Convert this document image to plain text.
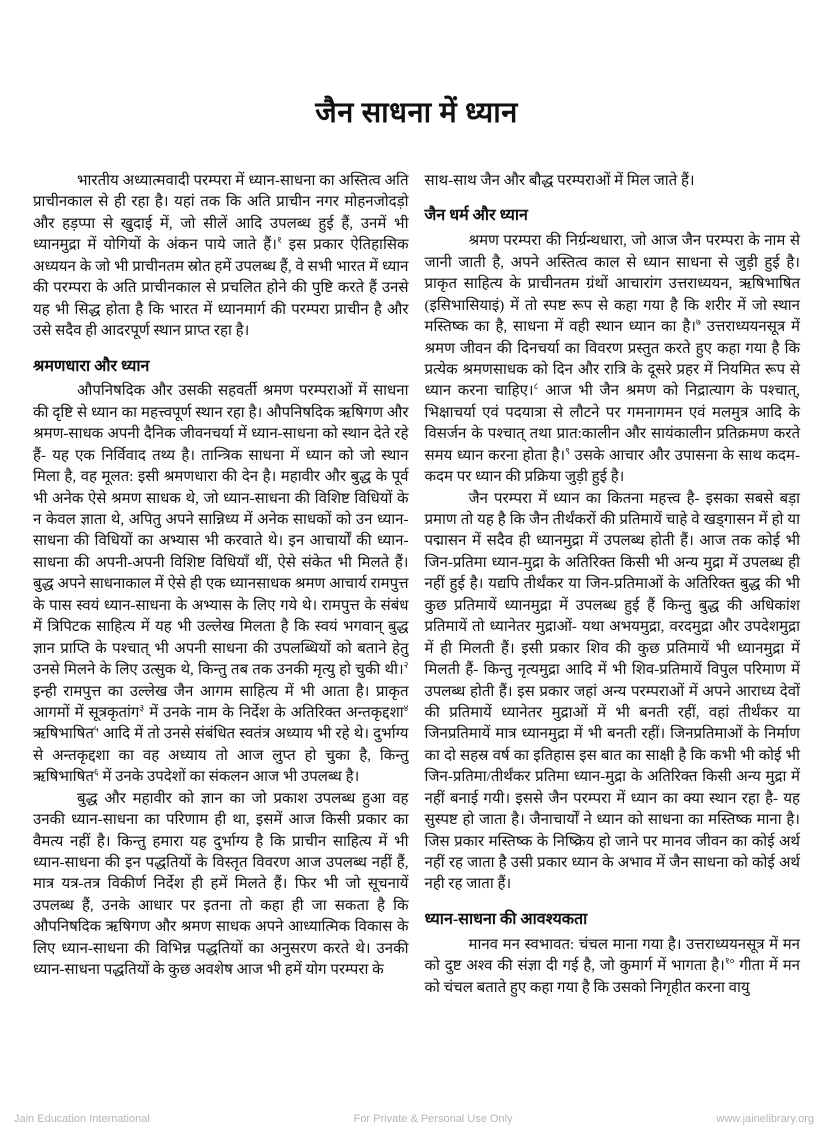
जैन साधना में ध्यान

भारतीय अध्यात्मवादी परम्परा में ध्यान-साधना का अस्तित्व अति प्राचीनकाल से ही रहा है। यहां तक कि अति प्राचीन नगर मोहनजोदड़ो और हड़प्पा से खुदाई में, जो सीलें आदि उपलब्ध हुई हैं, उनमें भी ध्यानमुद्रा में योगियों के अंकन पाये जाते हैं।$^१$ इस प्रकार ऐतिहासिक अध्ययन के जो भी प्राचीनतम स्रोत हमें उपलब्ध हैं, वे सभी भारत में ध्यान की परम्परा के अति प्राचीनकाल से प्रचलित होने की पुष्टि करते हैं उनसे यह भी सिद्ध होता है कि भारत में ध्यानमार्ग की परम्परा प्राचीन है और उसे सदैव ही आदरपूर्ण स्थान प्राप्त रहा है।

श्रमणधारा और ध्यान

औपनिषदिक और उसकी सहवर्ती श्रमण परम्पराओं में साधना की दृष्टि से ध्यान का महत्त्वपूर्ण स्थान रहा है। औपनिषदिक ऋषिगण और श्रमण-साधक अपनी दैनिक जीवनचर्या में ध्यान-साधना को स्थान देते रहे हैं- यह एक निर्विवाद तथ्य है। तान्त्रिक साधना में ध्यान को जो स्थान मिला है, वह मूलत: इसी श्रमणधारा की देन है। महावीर और बुद्ध के पूर्व भी अनेक ऐसे श्रमण साधक थे, जो ध्यान-साधना की विशिष्ट विधियों के न केवल ज्ञाता थे, अपितु अपने सान्निध्य में अनेक साधकों को उन ध्यान-साधना की विधियों का अभ्यास भी करवाते थे। इन आचार्यों की ध्यान-साधना की अपनी-अपनी विशिष्ट विधियाँ थीं, ऐसे संकेत भी मिलते हैं। बुद्ध अपने साधनाकाल में ऐसे ही एक ध्यानसाधक श्रमण आचार्य रामपुत्त के पास स्वयं ध्यान-साधना के अभ्यास के लिए गये थे। रामपुत्त के संबंध में त्रिपिटक साहित्य में यह भी उल्लेख मिलता है कि स्वयं भगवान् बुद्ध ज्ञान प्राप्ति के पश्चात् भी अपनी साधना की उपलब्धियों को बताने हेतु उनसे मिलने के लिए उत्सुक थे, किन्तु तब तक उनकी मृत्यु हो चुकी थी।$^२$ इन्ही रामपुत्त का उल्लेख जैन आगम साहित्य में भी आता है। प्राकृत आगमों में सूत्रकृतांग$^३$ में उनके नाम के निर्देश के अतिरिक्त अन्तकृद्दशा$^४$ ऋषिभाषित$^५$ आदि में तो उनसे संबंधित स्वतंत्र अध्याय भी रहे थे। दुर्भाग्य से अन्तकृद्दशा का वह अध्याय तो आज लुप्त हो चुका है, किन्तु ऋषिभाषित$^६$ में उनके उपदेशों का संकलन आज भी उपलब्ध है।

बुद्ध और महावीर को ज्ञान का जो प्रकाश उपलब्ध हुआ वह उनकी ध्यान-साधना का परिणाम ही था, इसमें आज किसी प्रकार का वैमत्य नहीं है। किन्तु हमारा यह दुर्भाग्य है कि प्राचीन साहित्य में भी ध्यान-साधना की इन पद्धतियों के विस्तृत विवरण आज उपलब्ध नहीं हैं, मात्र यत्र-तत्र विकीर्ण निर्देश ही हमें मिलते हैं। फिर भी जो सूचनायें उपलब्ध हैं, उनके आधार पर इतना तो कहा ही जा सकता है कि औपनिषदिक ऋषिगण और श्रमण साधक अपने आध्यात्मिक विकास के लिए ध्यान-साधना की विभिन्न पद्धतियों का अनुसरण करते थे। उनकी ध्यान-साधना पद्धतियों के कुछ अवशेष आज भी हमें योग परम्परा के

साथ-साथ जैन और बौद्ध परम्पराओं में मिल जाते हैं।

जैन धर्म और ध्यान

श्रमण परम्परा की निर्ग्रन्थधारा, जो आज जैन परम्परा के नाम से जानी जाती है, अपने अस्तित्व काल से ध्यान साधना से जुड़ी हुई है। प्राकृत साहित्य के प्राचीनतम ग्रंथों आचारांग उत्तराध्ययन, ऋषिभाषित (इसिभासियाइं) में तो स्पष्ट रूप से कहा गया है कि शरीर में जो स्थान मस्तिष्क का है, साधना में वही स्थान ध्यान का है।$^७$ उत्तराध्ययनसूत्र में श्रमण जीवन की दिनचर्या का विवरण प्रस्तुत करते हुए कहा गया है कि प्रत्येक श्रमणसाधक को दिन और रात्रि के दूसरे प्रहर में नियमित रूप से ध्यान करना चाहिए।$^८$ आज भी जैन श्रमण को निद्रात्याग के पश्चात्, भिक्षाचर्या एवं पदयात्रा से लौटने पर गमनागमन एवं मलमुत्र आदि के विसर्जन के पश्चात् तथा प्रात:कालीन और सायंकालीन प्रतिक्रमण करते समय ध्यान करना होता है।$^९$ उसके आचार और उपासना के साथ कदम-कदम पर ध्यान की प्रक्रिया जुड़ी हुई है।

जैन परम्परा में ध्यान का कितना महत्त्व है- इसका सबसे बड़ा प्रमाण तो यह है कि जैन तीर्थंकरों की प्रतिमायें चाहे वे खड्गासन में हो या पद्मासन में सदैव ही ध्यानमुद्रा में उपलब्ध होती हैं। आज तक कोई भी जिन-प्रतिमा ध्यान-मुद्रा के अतिरिक्त किसी भी अन्य मुद्रा में उपलब्ध ही नहीं हुई है। यद्यपि तीर्थंकर या जिन-प्रतिमाओं के अतिरिक्त बुद्ध की भी कुछ प्रतिमायें ध्यानमुद्रा में उपलब्ध हुई हैं किन्तु बुद्ध की अधिकांश प्रतिमायें तो ध्यानेतर मुद्राओं- यथा अभयमुद्रा, वरदमुद्रा और उपदेशमुद्रा में ही मिलती हैं। इसी प्रकार शिव की कुछ प्रतिमायें भी ध्यानमुद्रा में मिलती हैं- किन्तु नृत्यमुद्रा आदि में भी शिव-प्रतिमायें विपुल परिमाण में उपलब्ध होती हैं। इस प्रकार जहां अन्य परम्पराओं में अपने आराध्य देवों की प्रतिमायें ध्यानेतर मुद्राओं में भी बनती रहीं, वहां तीर्थंकर या जिनप्रतिमायें मात्र ध्यानमुद्रा में भी बनती रहीं। जिनप्रतिमाओं के निर्माण का दो सहस्र वर्ष का इतिहास इस बात का साक्षी है कि कभी भी कोई भी जिन-प्रतिमा/तीर्थंकर प्रतिमा ध्यान-मुद्रा के अतिरिक्त किसी अन्य मुद्रा में नहीं बनाई गयी। इससे जैन परम्परा में ध्यान का क्या स्थान रहा है- यह सुस्पष्ट हो जाता है। जैनाचार्यों ने ध्यान को साधना का मस्तिष्क माना है। जिस प्रकार मस्तिष्क के निष्क्रिय हो जाने पर मानव जीवन का कोई अर्थ नहीं रह जाता है उसी प्रकार ध्यान के अभाव में जैन साधना को कोई अर्थ नही रह जाता हैं।

ध्यान-साधना की आवश्यकता

मानव मन स्वभावत: चंचल माना गया है। उत्तराध्ययनसूत्र में मन को दुष्ट अश्व की संज्ञा दी गई है, जो कुमार्ग में भागता है।$^{१०}$ गीता में मन को चंचल बताते हुए कहा गया है कि उसको निगृहीत करना वायु

Jain Education International	For Private & Personal Use Only	www.jainelibrary.org
